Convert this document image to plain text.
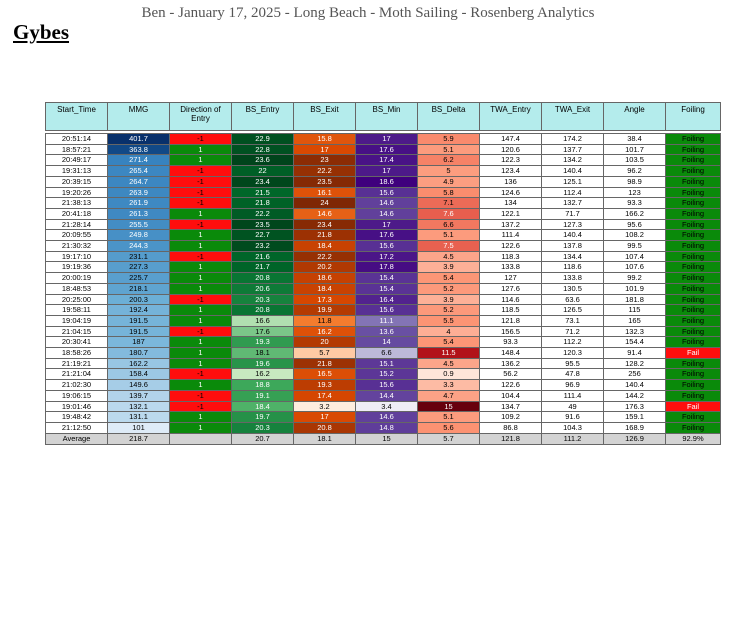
Ben - January 17, 2025 - Long Beach - Moth Sailing - Rosenberg Analytics
Gybes
Start_Time	MMG	Direction of Entry	BS_Entry	BS_Exit	BS_Min	BS_Delta	TWA_Entry	TWA_Exit	Angle	Foiling

20:51:14	401.7	-1	22.9	15.8	17	5.9	147.4	174.2	38.4	Foiling
18:57:21	363.8	1	22.8	17	17.6	5.1	120.6	137.7	101.7	Foiling
20:49:17	271.4	1	23.6	23	17.4	6.2	122.3	134.2	103.5	Foiling
19:31:13	265.4	-1	22	22.2	17	5	123.4	140.4	96.2	Foiling
20:39:15	264.7	-1	23.4	23.5	18.6	4.9	136	125.1	98.9	Foiling
19:20:26	263.9	-1	21.5	16.1	15.6	5.8	124.6	112.4	123	Foiling
21:38:13	261.9	-1	21.8	24	14.6	7.1	134	132.7	93.3	Foiling
20:41:18	261.3	1	22.2	14.6	14.6	7.6	122.1	71.7	166.2	Foiling
21:28:14	255.5	-1	23.5	23.4	17	6.6	137.2	127.3	95.6	Foiling
20:09:55	249.8	1	22.7	21.8	17.6	5.1	111.4	140.4	108.2	Foiling
21:30:32	244.3	1	23.2	18.4	15.6	7.5	122.6	137.8	99.5	Foiling
19:17:10	231.1	-1	21.6	22.2	17.2	4.5	118.3	134.4	107.4	Foiling
19:19:36	227.3	1	21.7	20.2	17.8	3.9	133.8	118.6	107.6	Foiling
20:00:19	225.7	1	20.8	18.6	15.4	5.4	127	133.8	99.2	Foiling
18:48:53	218.1	1	20.6	18.4	15.4	5.2	127.6	130.5	101.9	Foiling
20:25:00	200.3	-1	20.3	17.3	16.4	3.9	114.6	63.6	181.8	Foiling
19:58:11	192.4	1	20.8	19.9	15.6	5.2	118.5	126.5	115	Foiling
19:04:19	191.5	1	16.6	11.8	11.1	5.5	121.8	73.1	165	Foiling
21:04:15	191.5	-1	17.6	16.2	13.6	4	156.5	71.2	132.3	Foiling
20:30:41	187	1	19.3	20	14	5.4	93.3	112.2	154.4	Foiling
18:58:26	180.7	1	18.1	5.7	6.6	11.5	148.4	120.3	91.4	Fail
21:19:21	162.2	1	19.6	21.8	15.1	4.5	136.2	95.5	128.2	Foiling
21:21:04	158.4	-1	16.2	16.5	15.2	0.9	56.2	47.8	256	Foiling
21:02:30	149.6	1	18.8	19.3	15.6	3.3	122.6	96.9	140.4	Foiling
19:06:15	139.7	-1	19.1	17.4	14.4	4.7	104.4	111.4	144.2	Foiling
19:01:46	132.1	-1	18.4	3.2	3.4	15	134.7	49	176.3	Fail
19:48:42	131.1	1	19.7	17	14.6	5.1	109.2	91.6	159.1	Foiling
21:12:50	101	1	20.3	20.8	14.8	5.6	86.8	104.3	168.9	Foiling
Average	218.7		20.7	18.1	15	5.7	121.8	111.2	126.9	92.9%
